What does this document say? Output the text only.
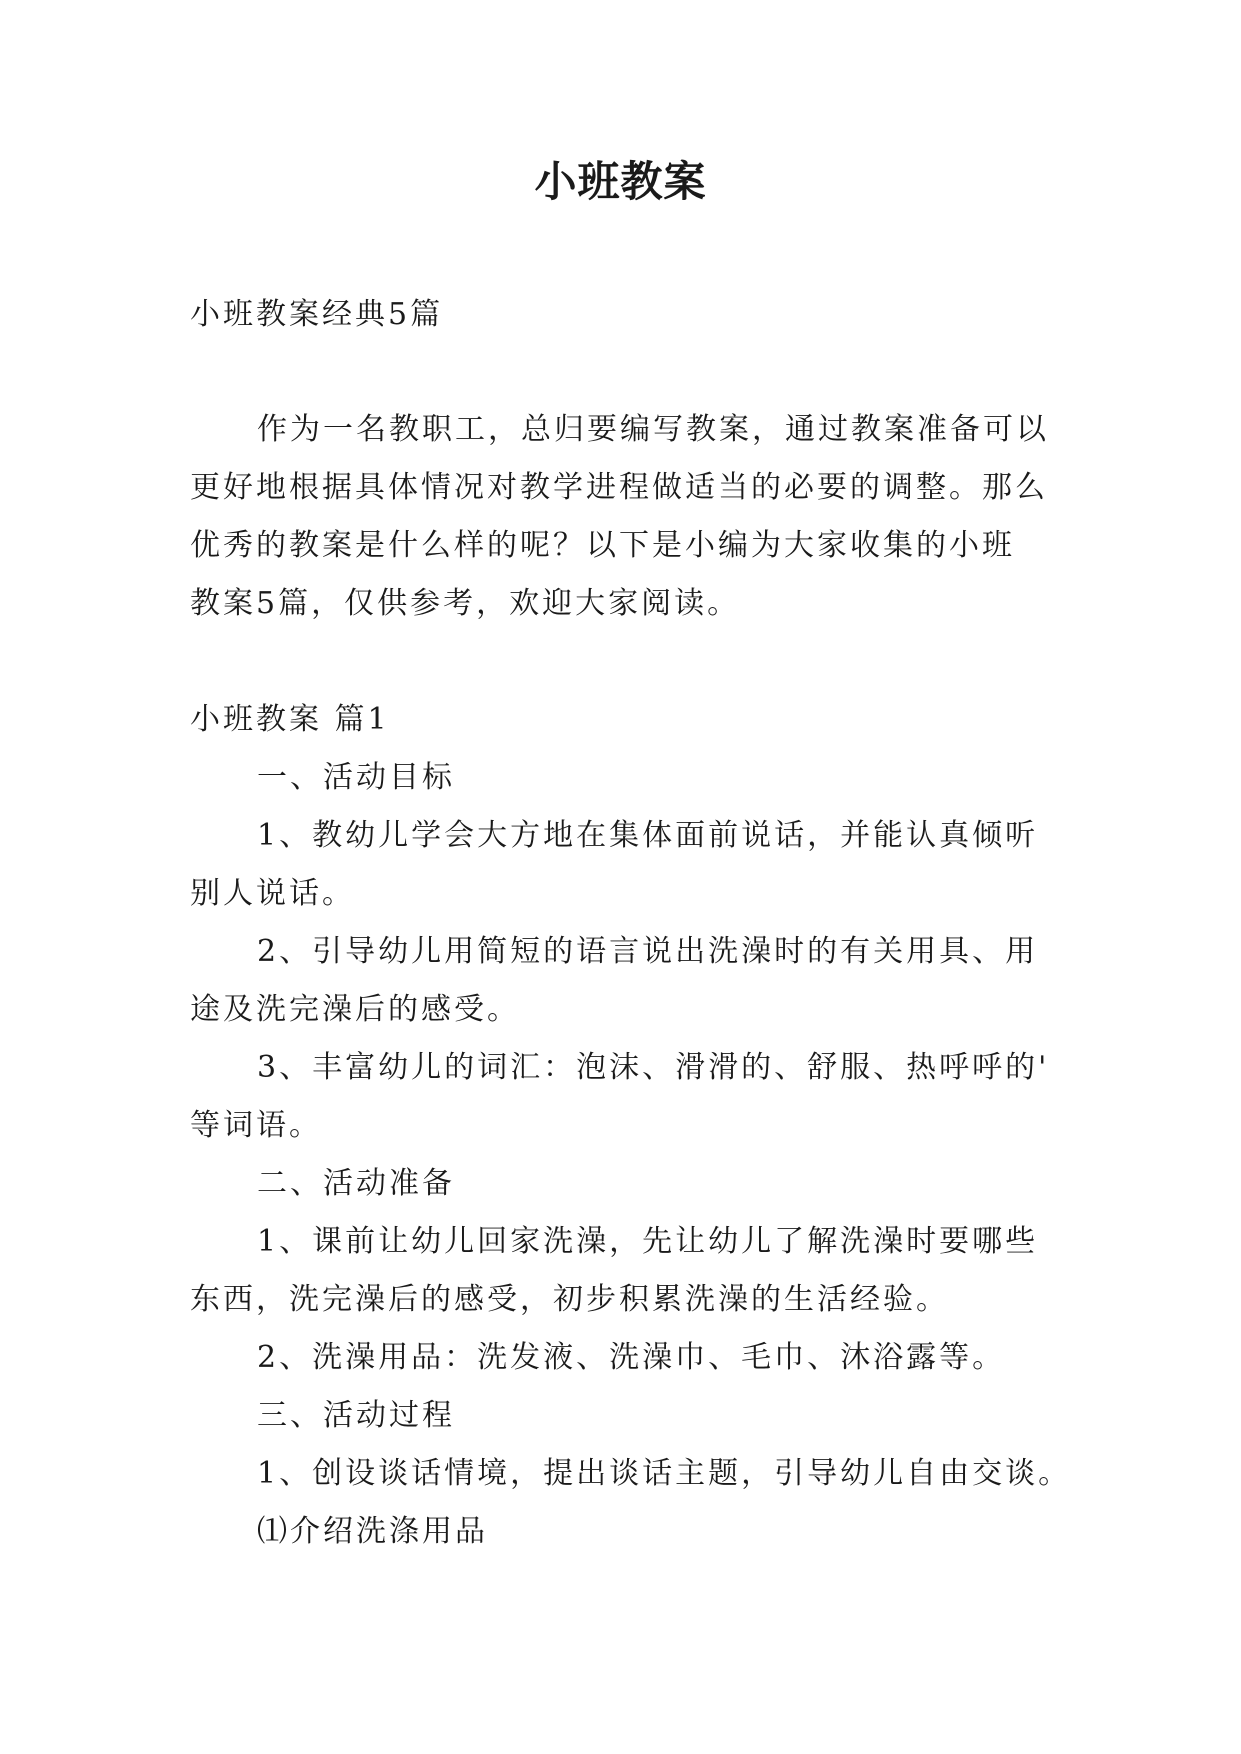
小班教案
小班教案经典5篇
作为一名教职工，总归要编写教案，通过教案准备可以
更好地根据具体情况对教学进程做适当的必要的调整。那么
优秀的教案是什么样的呢？以下是小编为大家收集的小班
教案5篇，仅供参考，欢迎大家阅读。
小班教案 篇1
一、活动目标
1、教幼儿学会大方地在集体面前说话，并能认真倾听
别人说话。
2、引导幼儿用简短的语言说出洗澡时的有关用具、用
途及洗完澡后的感受。
3、丰富幼儿的词汇：泡沫、滑滑的、舒服、热呼呼的'
等词语。
二、活动准备
1、课前让幼儿回家洗澡，先让幼儿了解洗澡时要哪些
东西，洗完澡后的感受，初步积累洗澡的生活经验。
2、洗澡用品：洗发液、洗澡巾、毛巾、沐浴露等。
三、活动过程
1、创设谈话情境，提出谈话主题，引导幼儿自由交谈。
⑴介绍洗涤用品
